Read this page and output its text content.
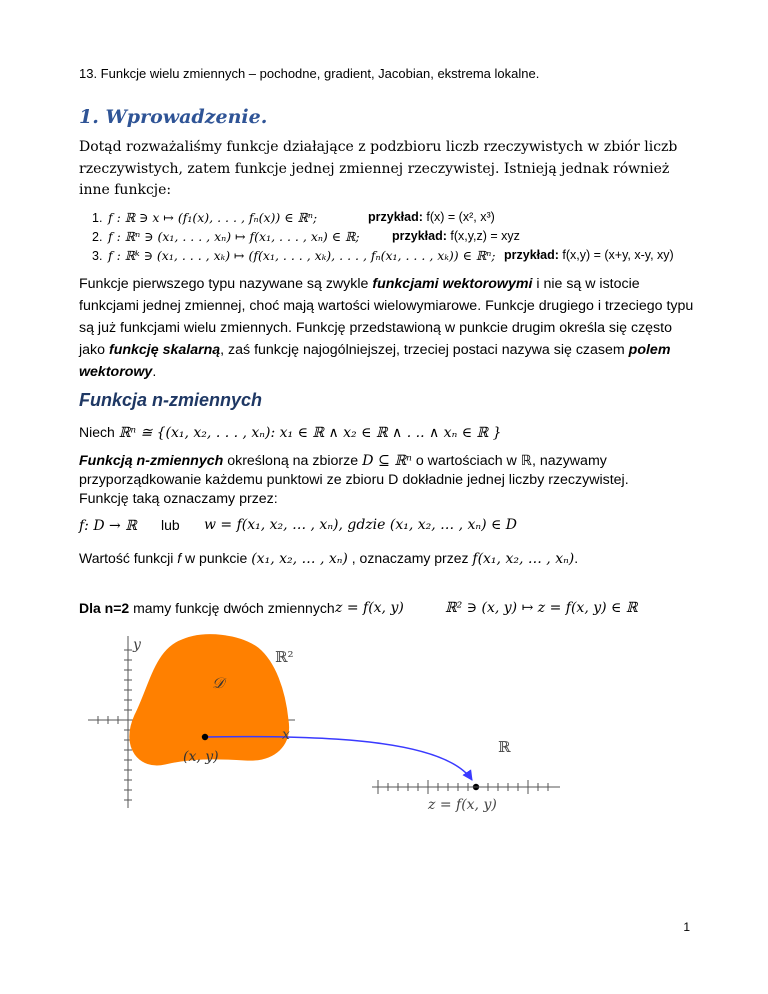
13. Funkcje wielu zmiennych – pochodne, gradient, Jacobian, ekstrema lokalne.
1. Wprowadzenie.
Dotąd rozważaliśmy funkcje działające z podzbioru liczb rzeczywistych w zbiór liczb rzeczywistych, zatem funkcje jednej zmiennej rzeczywistej. Istnieją jednak również inne funkcje:
1. f : ℝ ∋ x ↦ (f₁(x), . . . , fₙ(x)) ∈ ℝⁿ;	przykład: f(x) = (x², x³)
2. f : ℝⁿ ∋ (x₁, . . . , xₙ) ↦ f(x₁, . . . , xₙ) ∈ ℝ;	przykład: f(x,y,z) = xyz
3. f : ℝᵏ ∋ (x₁, . . . , xₖ) ↦ (f(x₁, . . . , xₖ), . . . , fₙ(x₁, . . . , xₖ)) ∈ ℝⁿ; przykład: f(x,y) = (x+y, x-y, xy)
Funkcje pierwszego typu nazywane są zwykle funkcjami wektorowymi i nie są w istocie funkcjami jednej zmiennej, choć mają wartości wielowymiarowe. Funkcje drugiego i trzeciego typu są już funkcjami wielu zmiennych. Funkcję przedstawioną w punkcie drugim określa się często jako funkcję skalarną, zaś funkcję najogólniejszej, trzeciej postaci nazywa się czasem polem wektorowy.
Funkcja n-zmiennych
Niech ℝⁿ ≅ {(x₁, x₂, . . . , xₙ): x₁ ∈ ℝ ∧ x₂ ∈ ℝ ∧ . .. ∧ xₙ ∈ ℝ }
Funkcją n-zmiennych określoną na zbiorze D ⊆ ℝⁿ o wartościach w ℝ, nazywamy przyporządkowanie każdemu punktowi ze zbioru D dokładnie jednej liczby rzeczywistej.
Funkcję taką oznaczamy przez:
f: D → ℝ lub w = f(x₁, x₂, … , xₙ), gdzie (x₁, x₂, … , xₙ) ∈ D
Wartość funkcji f w punkcie (x₁, x₂, … , xₙ) , oznaczamy przez f(x₁, x₂, … , xₙ).
Dla n=2 mamy funkcję dwóch zmiennych z = f(x, y)	ℝ² ∋ (x, y) ↦ z = f(x, y) ∈ ℝ
y
x
ℝ²
𝒟
(x, y)
ℝ
z = f(x, y)
1
